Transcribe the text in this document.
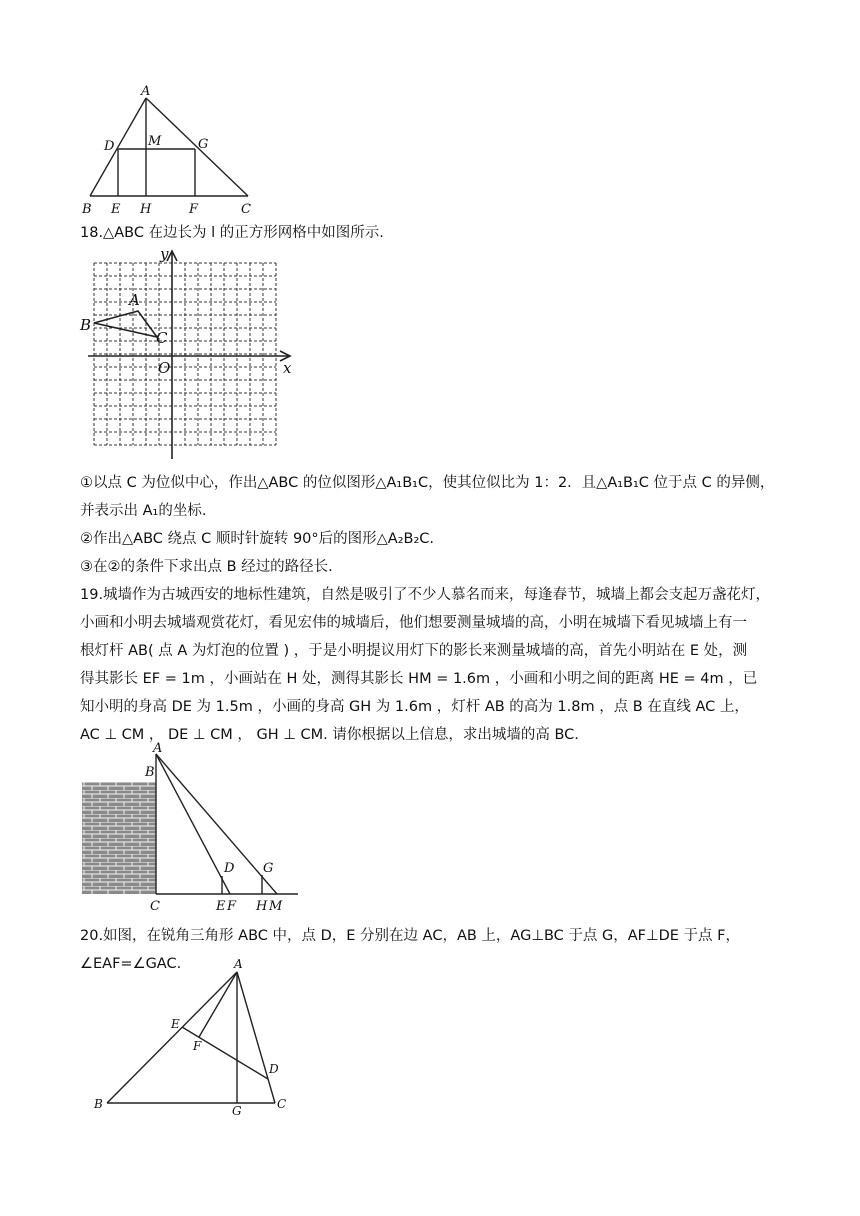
A
D	M	G
B E H	F	C
18.△ABC 在边长为 l 的正方形网格中如图所示.
y
x
O
A
B
C

①以点 C 为位似中心，作出△ABC 的位似图形△A₁B₁C，使其位似比为 1：2．且△A₁B₁C 位于点 C 的异侧，

并表示出 A₁的坐标.

②作出△ABC 绕点 C 顺时针旋转 90°后的图形△A₂B₂C.

③在②的条件下求出点 B 经过的路径长.

19.城墙作为古城西安的地标性建筑，自然是吸引了不少人慕名而来，每逢春节，城墙上都会支起万盏花灯，

小画和小明去城墙观赏花灯，看见宏伟的城墙后，他们想要测量城墙的高，小明在城墙下看见城墙上有一

根灯杆 AB( 点 A 为灯泡的位置 ) ，于是小明提议用灯下的影长来测量城墙的高，首先小明站在 E 处，测

得其影长 EF = 1m ，小画站在 H 处，测得其影长 HM = 1.6m ，小画和小明之间的距离 HE = 4m ，已

知小明的身高 DE 为 1.5m ，小画的身高 GH 为 1.6m ，灯杆 AB 的高为 1.8m ，点 B 在直线 AC 上，

AC ⊥ CM ， DE ⊥ CM ， GH ⊥ CM. 请你根据以上信息，求出城墙的高 BC.

A
B
C
D
E F
G
H M

20.如图，在锐角三角形 ABC 中，点 D，E 分别在边 AC，AB 上，AG⊥BC 于点 G，AF⊥DE 于点 F，∠EAF=∠GAC.	A
E
F
D
B	G	C
